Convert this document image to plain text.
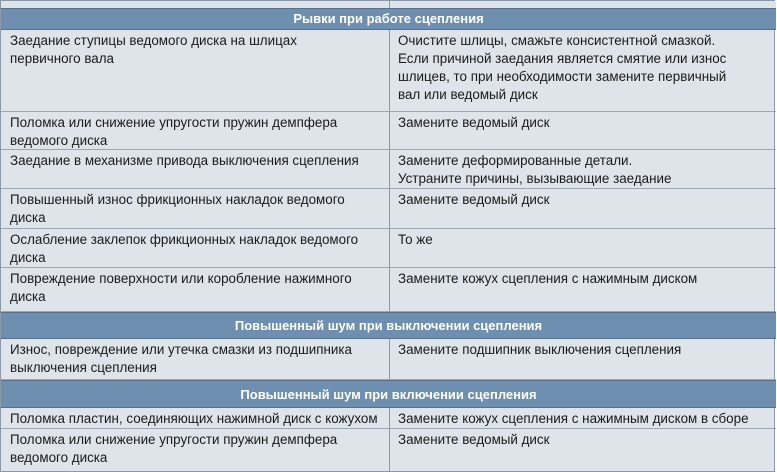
Рывки при работе сцепления
Заедание ступицы ведомого диска на шлицах
первичного вала
Очистите шлицы, смажьте консистентной смазкой.
Если причиной заедания является смятие или износ
шлицев, то при необходимости замените первичный
вал или ведомый диск
Поломка или снижение упругости пружин демпфера
ведомого диска
Замените ведомый диск
Заедание в механизме привода выключения сцепления	Замените деформированные детали.
Устраните причины, вызывающие заедание
Повышенный износ фрикционных накладок ведомого
диска
Замените ведомый диск
Ослабление заклепок фрикционных накладок ведомого
диска
То же
Повреждение поверхности или коробление нажимного
диска
Замените кожух сцепления с нажимным диском
Повышенный шум при выключении сцепления
Износ, повреждение или утечка смазки из подшипника
выключения сцепления
Замените подшипник выключения сцепления
Повышенный шум при включении сцепления
Поломка пластин, соединяющих нажимной диск с кожухом	Замените кожух сцепления с нажимным диском в сборе
Поломка или снижение упругости пружин демпфера
ведомого диска
Замените ведомый диск
